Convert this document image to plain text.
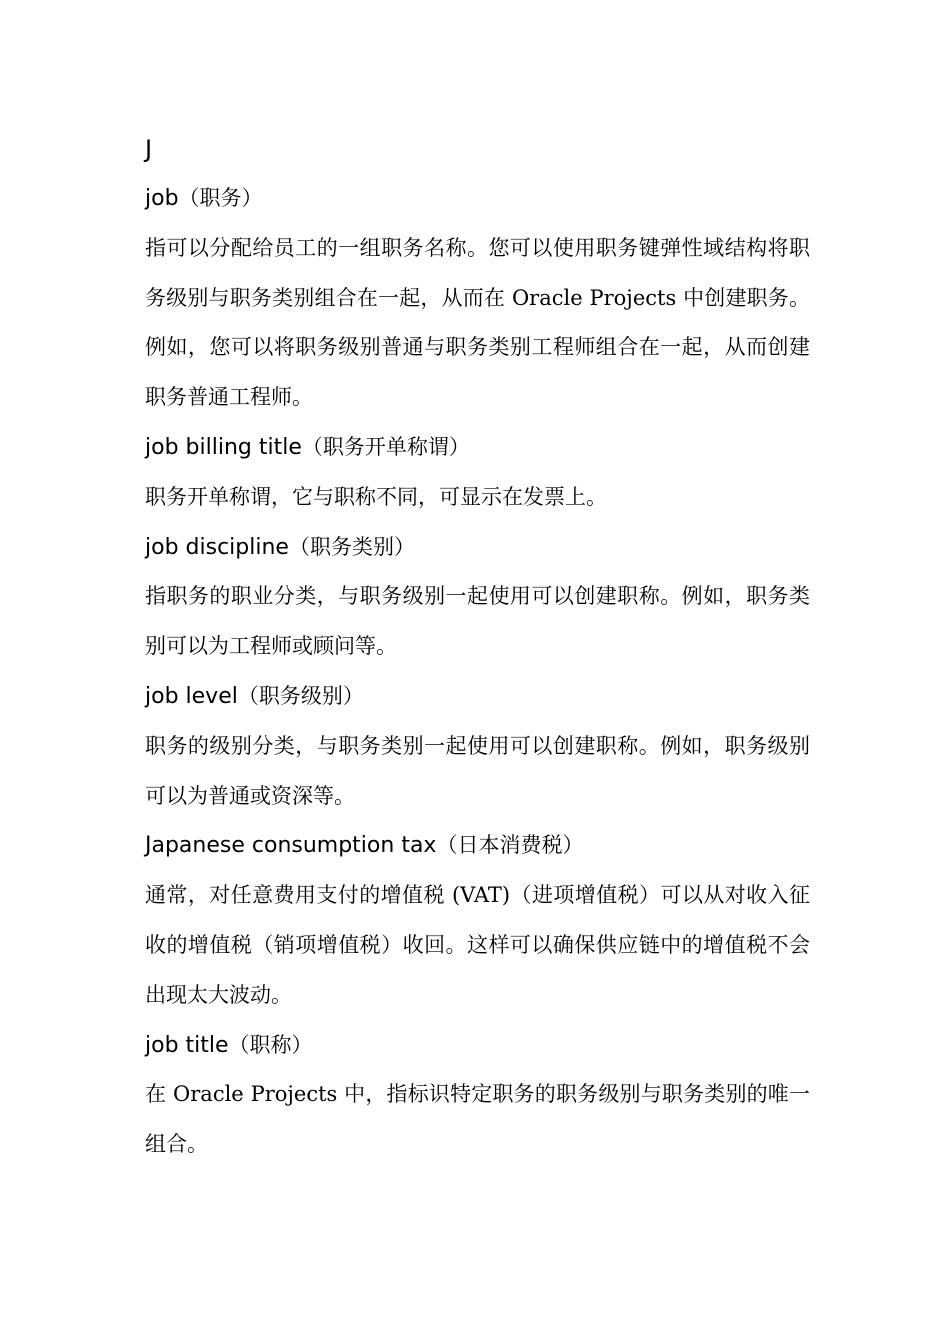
J

job（职务）

指可以分配给员工的一组职务名称。您可以使用职务键弹性域结构将职务级别与职务类别组合在一起，从而在 Oracle Projects 中创建职务。例如，您可以将职务级别普通与职务类别工程师组合在一起，从而创建职务普通工程师。

job billing title（职务开单称谓）

职务开单称谓，它与职称不同，可显示在发票上。

job discipline（职务类别）

指职务的职业分类，与职务级别一起使用可以创建职称。例如，职务类别可以为工程师或顾问等。

job level（职务级别）

职务的级别分类，与职务类别一起使用可以创建职称。例如，职务级别可以为普通或资深等。

Japanese consumption tax（日本消费税）

通常，对任意费用支付的增值税 (VAT)（进项增值税）可以从对收入征收的增值税（销项增值税）收回。这样可以确保供应链中的增值税不会出现太大波动。

job title（职称）

在 Oracle Projects 中，指标识特定职务的职务级别与职务类别的唯一组合。
